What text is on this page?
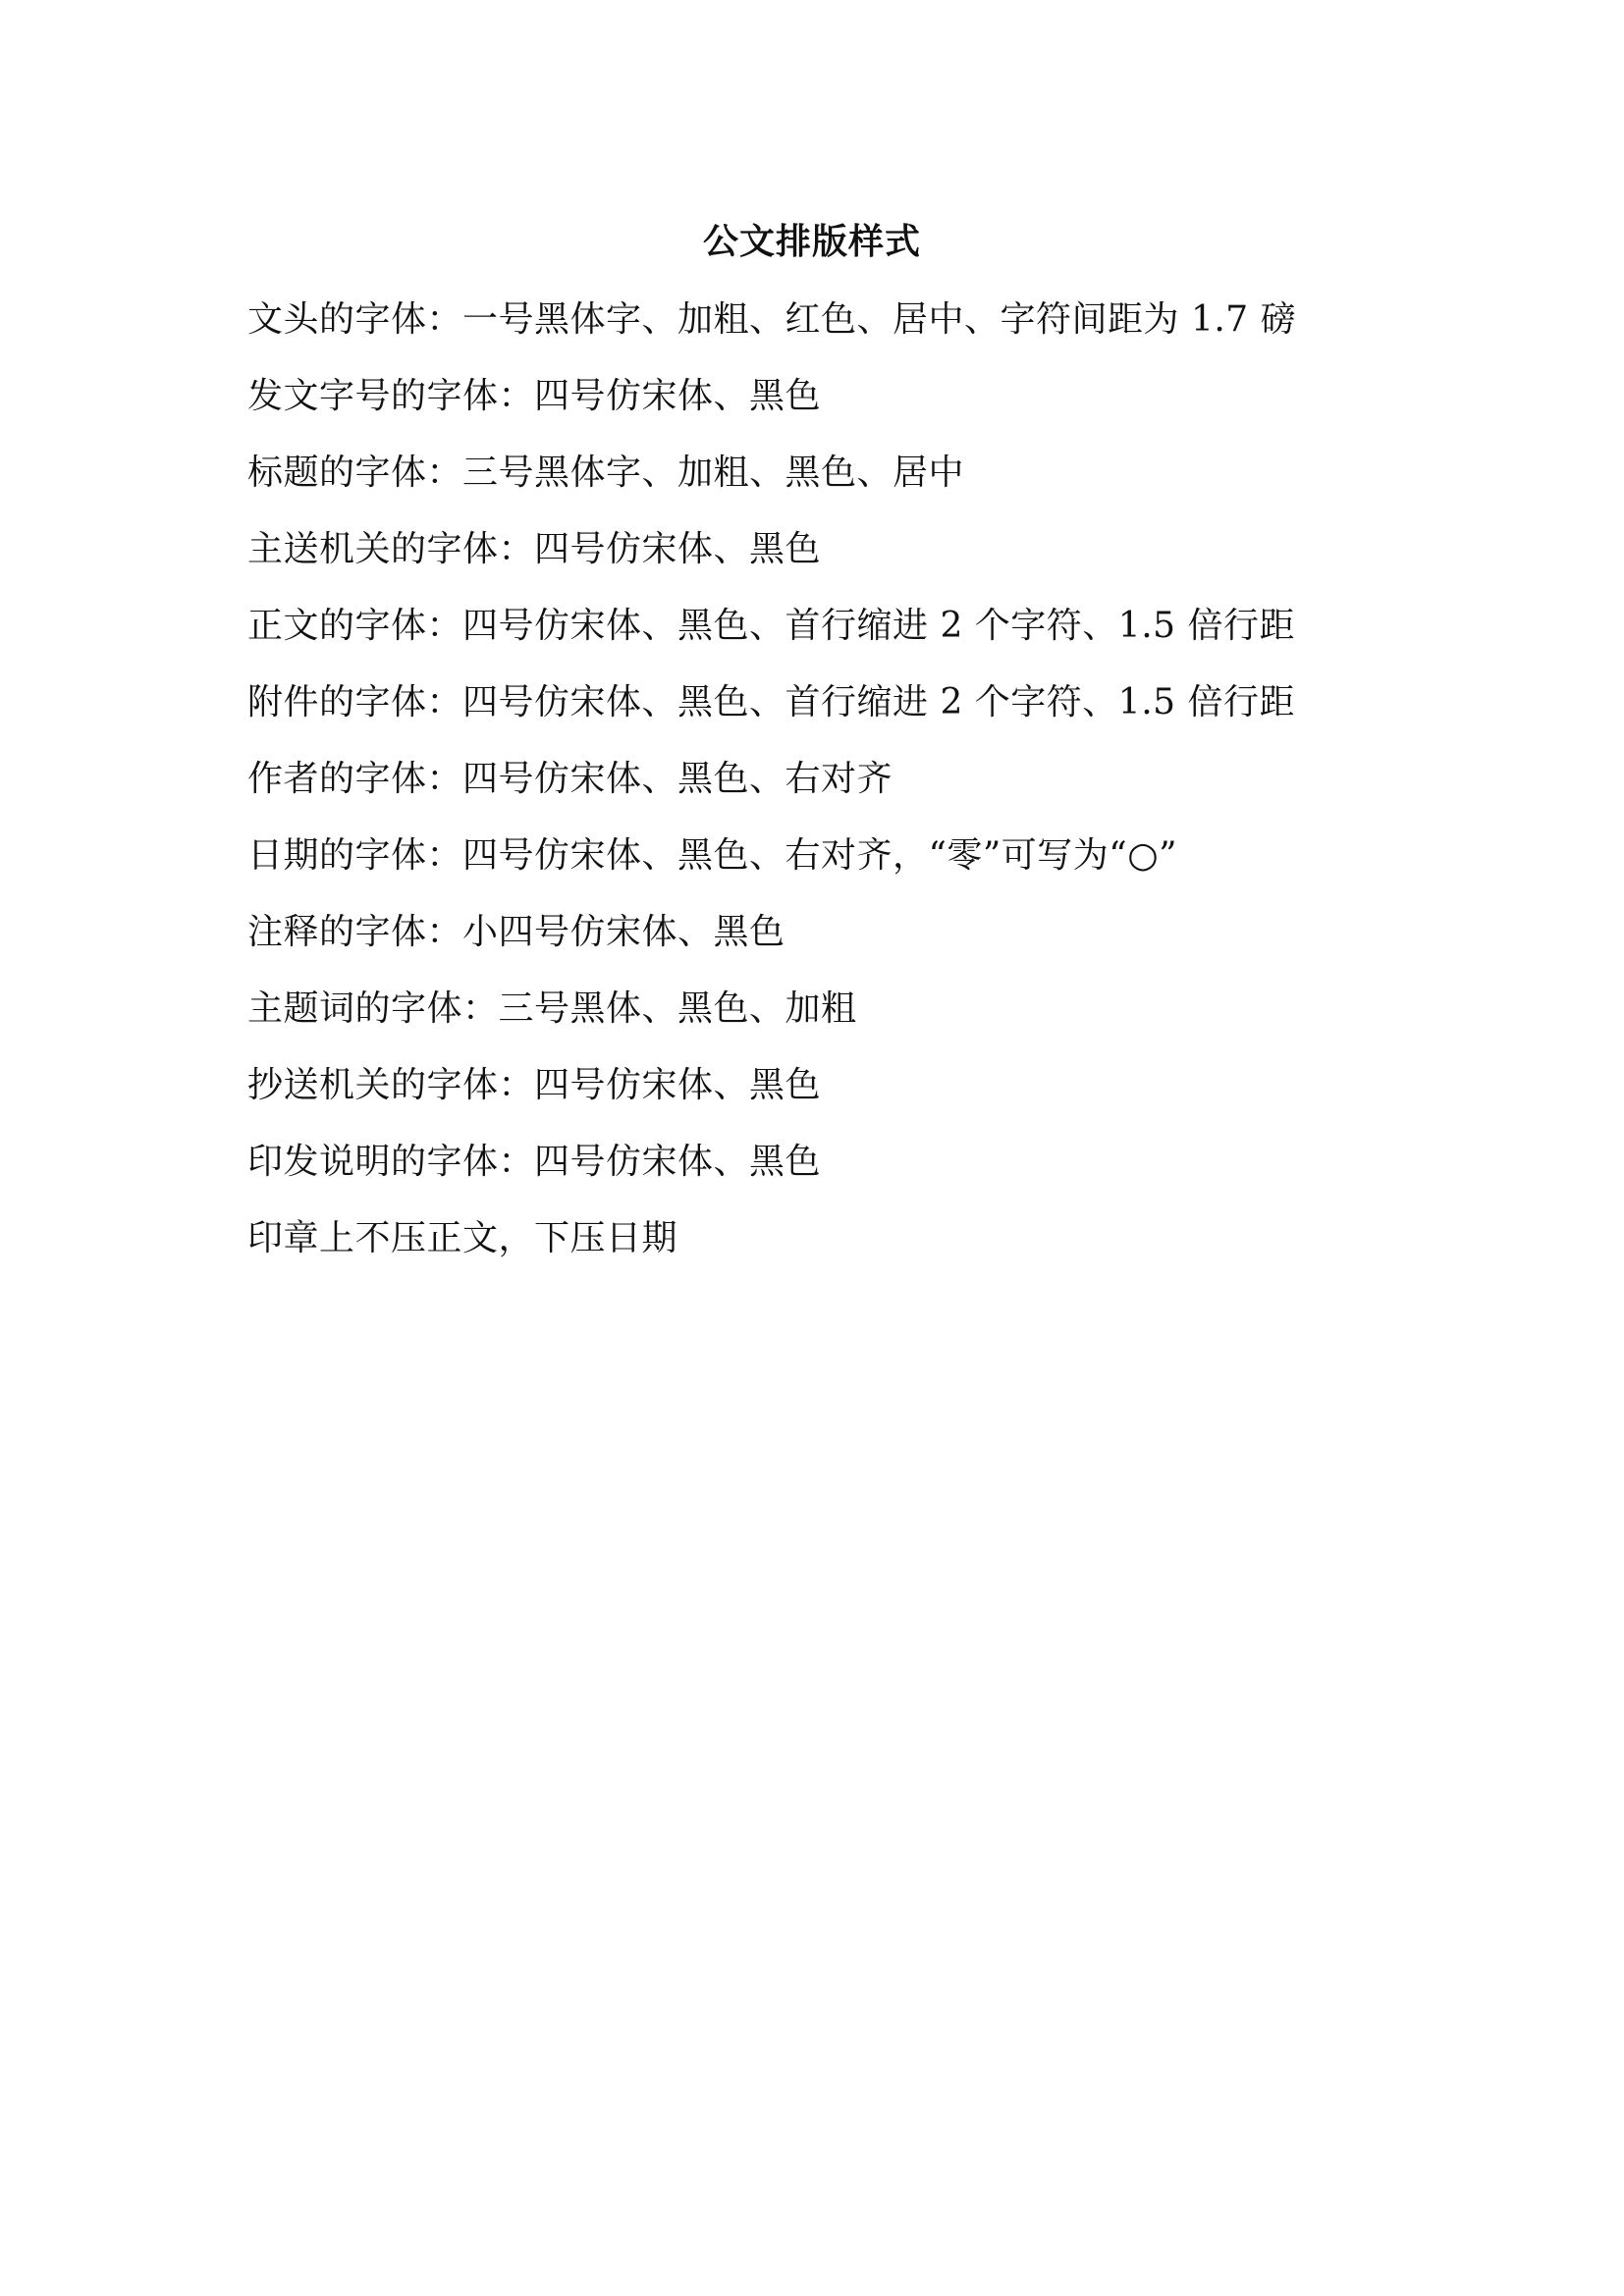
公文排版样式
文头的字体：一号黑体字、加粗、红色、居中、字符间距为 1.7 磅
发文字号的字体：四号仿宋体、黑色
标题的字体：三号黑体字、加粗、黑色、居中
主送机关的字体：四号仿宋体、黑色
正文的字体：四号仿宋体、黑色、首行缩进 2 个字符、1.5 倍行距
附件的字体：四号仿宋体、黑色、首行缩进 2 个字符、1.5 倍行距
作者的字体：四号仿宋体、黑色、右对齐
日期的字体：四号仿宋体、黑色、右对齐，“零”可写为“○”
注释的字体：小四号仿宋体、黑色
主题词的字体：三号黑体、黑色、加粗
抄送机关的字体：四号仿宋体、黑色
印发说明的字体：四号仿宋体、黑色
印章上不压正文，下压日期
